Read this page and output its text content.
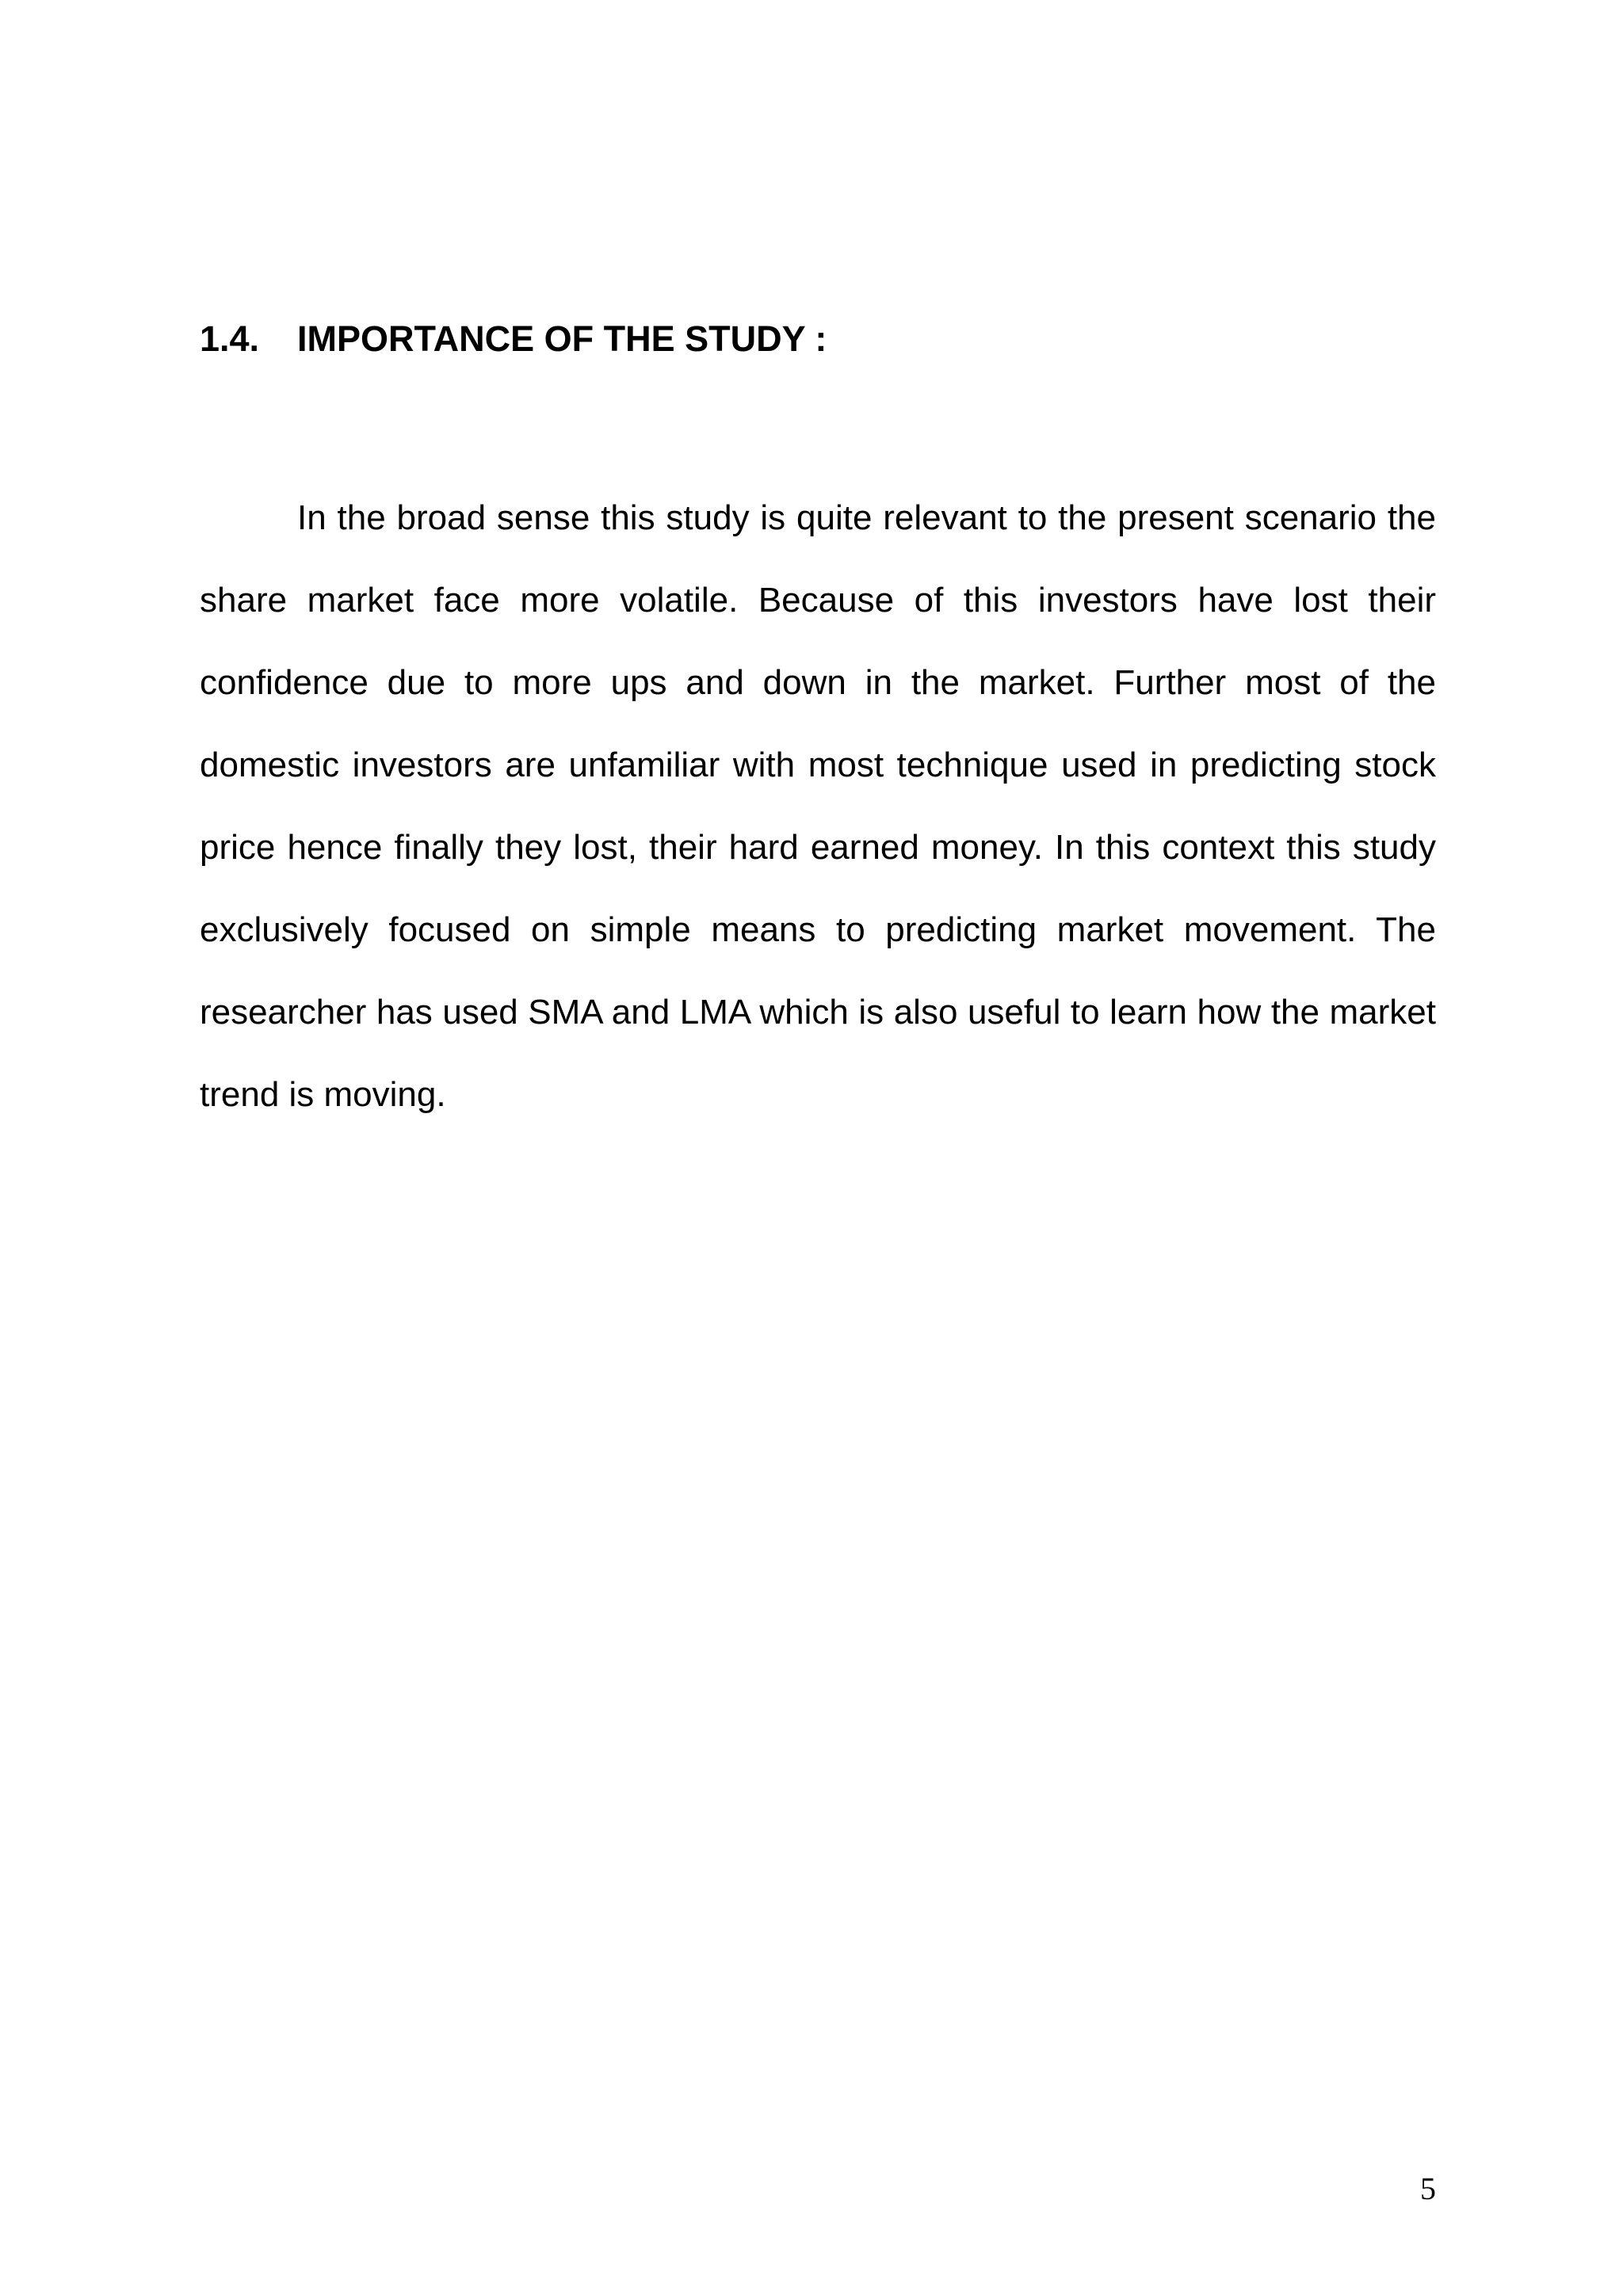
1.4. IMPORTANCE OF THE STUDY :

In the broad sense this study is quite relevant to the present scenario the share market face more volatile. Because of this investors have lost their confidence due to more ups and down in the market. Further most of the domestic investors are unfamiliar with most technique used in predicting stock price hence finally they lost, their hard earned money. In this context this study exclusively focused on simple means to predicting market movement. The researcher has used SMA and LMA which is also useful to learn how the market trend is moving.

5
